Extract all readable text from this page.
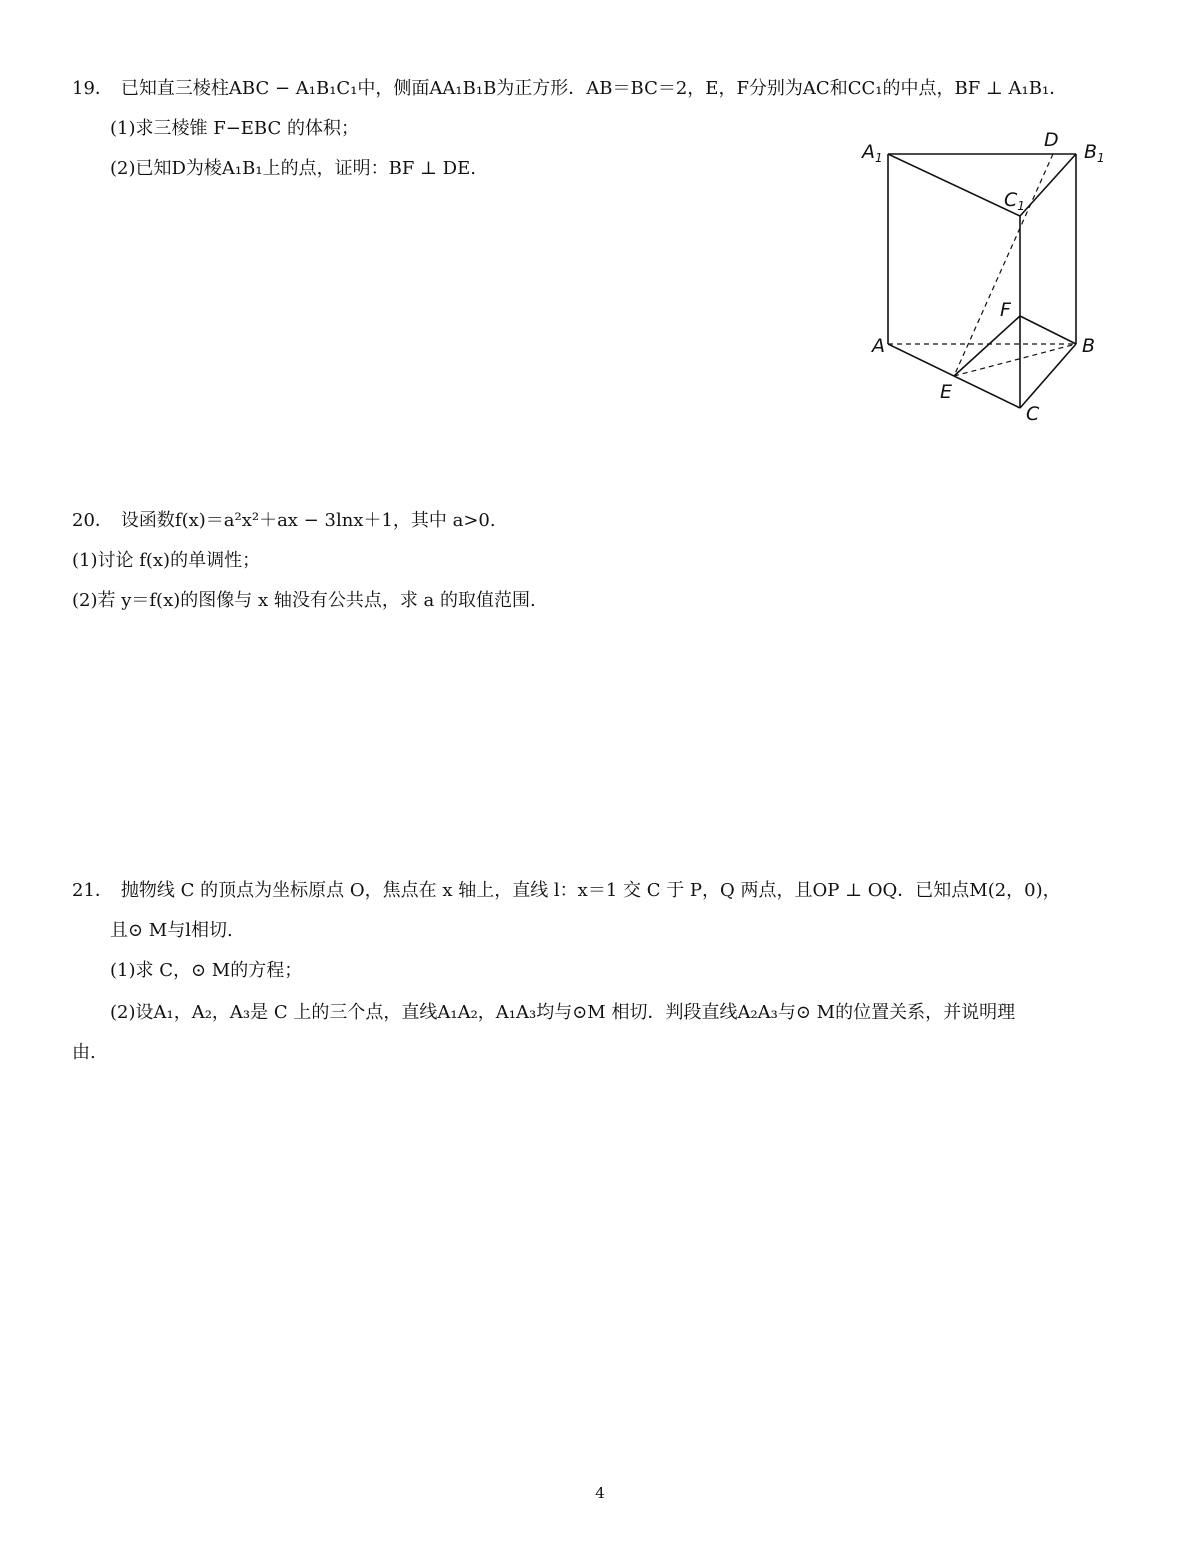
19． 已知直三棱柱ABC − A₁B₁C₁中，侧面AA₁B₁B为正方形．AB＝BC＝2，E，F分别为AC和CC₁的中点，BF ⊥ A₁B₁．
(1)求三棱锥 F−EBC 的体积；
(2)已知D为棱A₁B₁上的点，证明：BF ⊥ DE.
$A_1$
D
$B_1$
$C_1$
F
A	B
E
C
20． 设函数f(x)＝a²x²＋ax − 3lnx＋1，其中 a>0.
(1)讨论 f(x)的单调性；
(2)若 y＝f(x)的图像与 x 轴没有公共点，求 a 的取值范围.
21． 抛物线 C 的顶点为坐标原点 O，焦点在 x 轴上，直线 l：x＝1 交 C 于 P，Q 两点，且OP ⊥ OQ．已知点M(2，0)，
且⊙ M与l相切.
(1)求 C，⊙ M的方程；
(2)设A₁，A₂，A₃是 C 上的三个点，直线A₁A₂，A₁A₃均与⊙M 相切．判段直线A₂A₃与⊙ M的位置关系，并说明理
由.
4
